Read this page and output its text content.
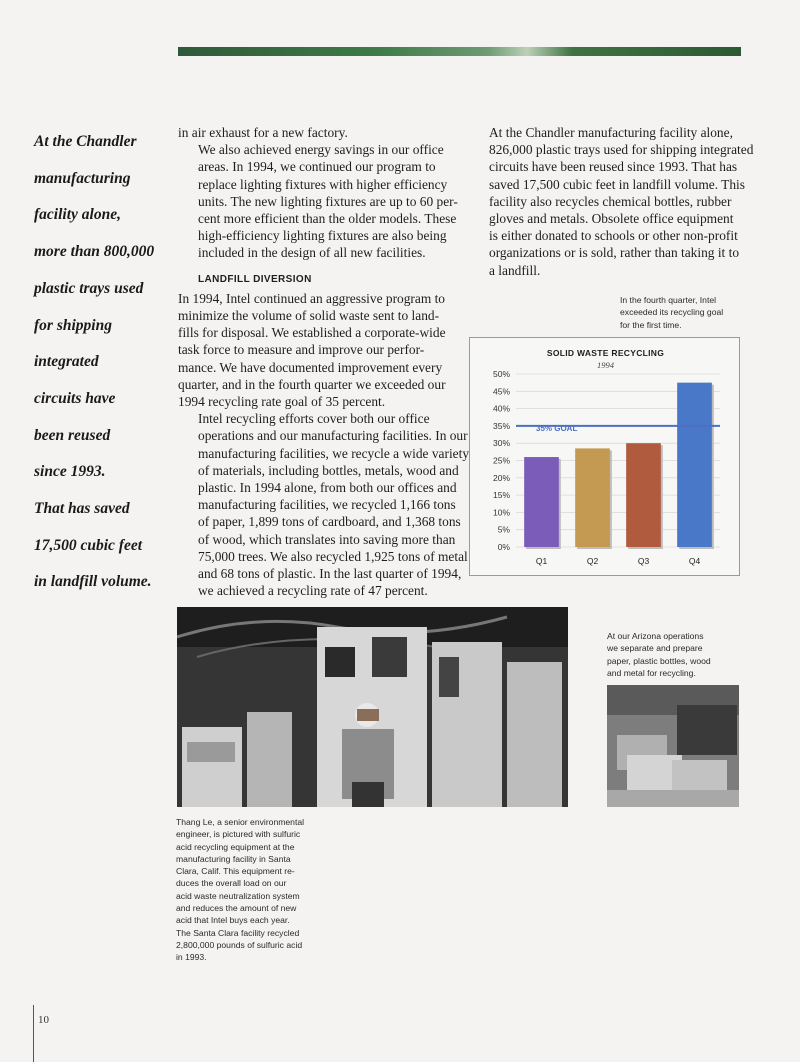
At the Chandler
manufacturing
facility alone,
more than 800,000
plastic trays used
for shipping
integrated
circuits have
been reused
since 1993.
That has saved
17,500 cubic feet
in landfill volume.

in air exhaust for a new factory.

We also achieved energy savings in our office
areas. In 1994, we continued our program to
replace lighting fixtures with higher efficiency
units. The new lighting fixtures are up to 60 per-
cent more efficient than the older models. These
high-efficiency lighting fixtures are also being
included in the design of all new facilities.

LANDFILL DIVERSION

In 1994, Intel continued an aggressive program to
minimize the volume of solid waste sent to land-
fills for disposal. We established a corporate-wide
task force to measure and improve our perfor-
mance. We have documented improvement every
quarter, and in the fourth quarter we exceeded our
1994 recycling rate goal of 35 percent.

Intel recycling efforts cover both our office
operations and our manufacturing facilities. In our
manufacturing facilities, we recycle a wide variety
of materials, including bottles, metals, wood and
plastic. In 1994 alone, from both our offices and
manufacturing facilities, we recycled 1,166 tons
of paper, 1,899 tons of cardboard, and 1,368 tons
of wood, which translates into saving more than
75,000 trees. We also recycled 1,925 tons of metal
and 68 tons of plastic. In the last quarter of 1994,
we achieved a recycling rate of 47 percent.

At the Chandler manufacturing facility alone,
826,000 plastic trays used for shipping integrated
circuits have been reused since 1993. That has
saved 17,500 cubic feet in landfill volume. This
facility also recycles chemical bottles, rubber
gloves and metals. Obsolete office equipment
is either donated to schools or other non-profit
organizations or is sold, rather than taking it to
a landfill.

In the fourth quarter, Intel
exceeded its recycling goal
for the first time.
SOLID WASTE RECYCLING
1994
0%
5%
10%
15%
20%
25%
30%
35%
40%
45%
50%
Q1	Q2	Q3	Q4
35% GOAL
At our Arizona operations
we separate and prepare
paper, plastic bottles, wood
and metal for recycling.
Thang Le, a senior environmental
engineer, is pictured with sulfuric
acid recycling equipment at the
manufacturing facility in Santa
Clara, Calif. This equipment re-
duces the overall load on our
acid waste neutralization system
and reduces the amount of new
acid that Intel buys each year.
The Santa Clara facility recycled
2,800,000 pounds of sulfuric acid
in 1993.
10
